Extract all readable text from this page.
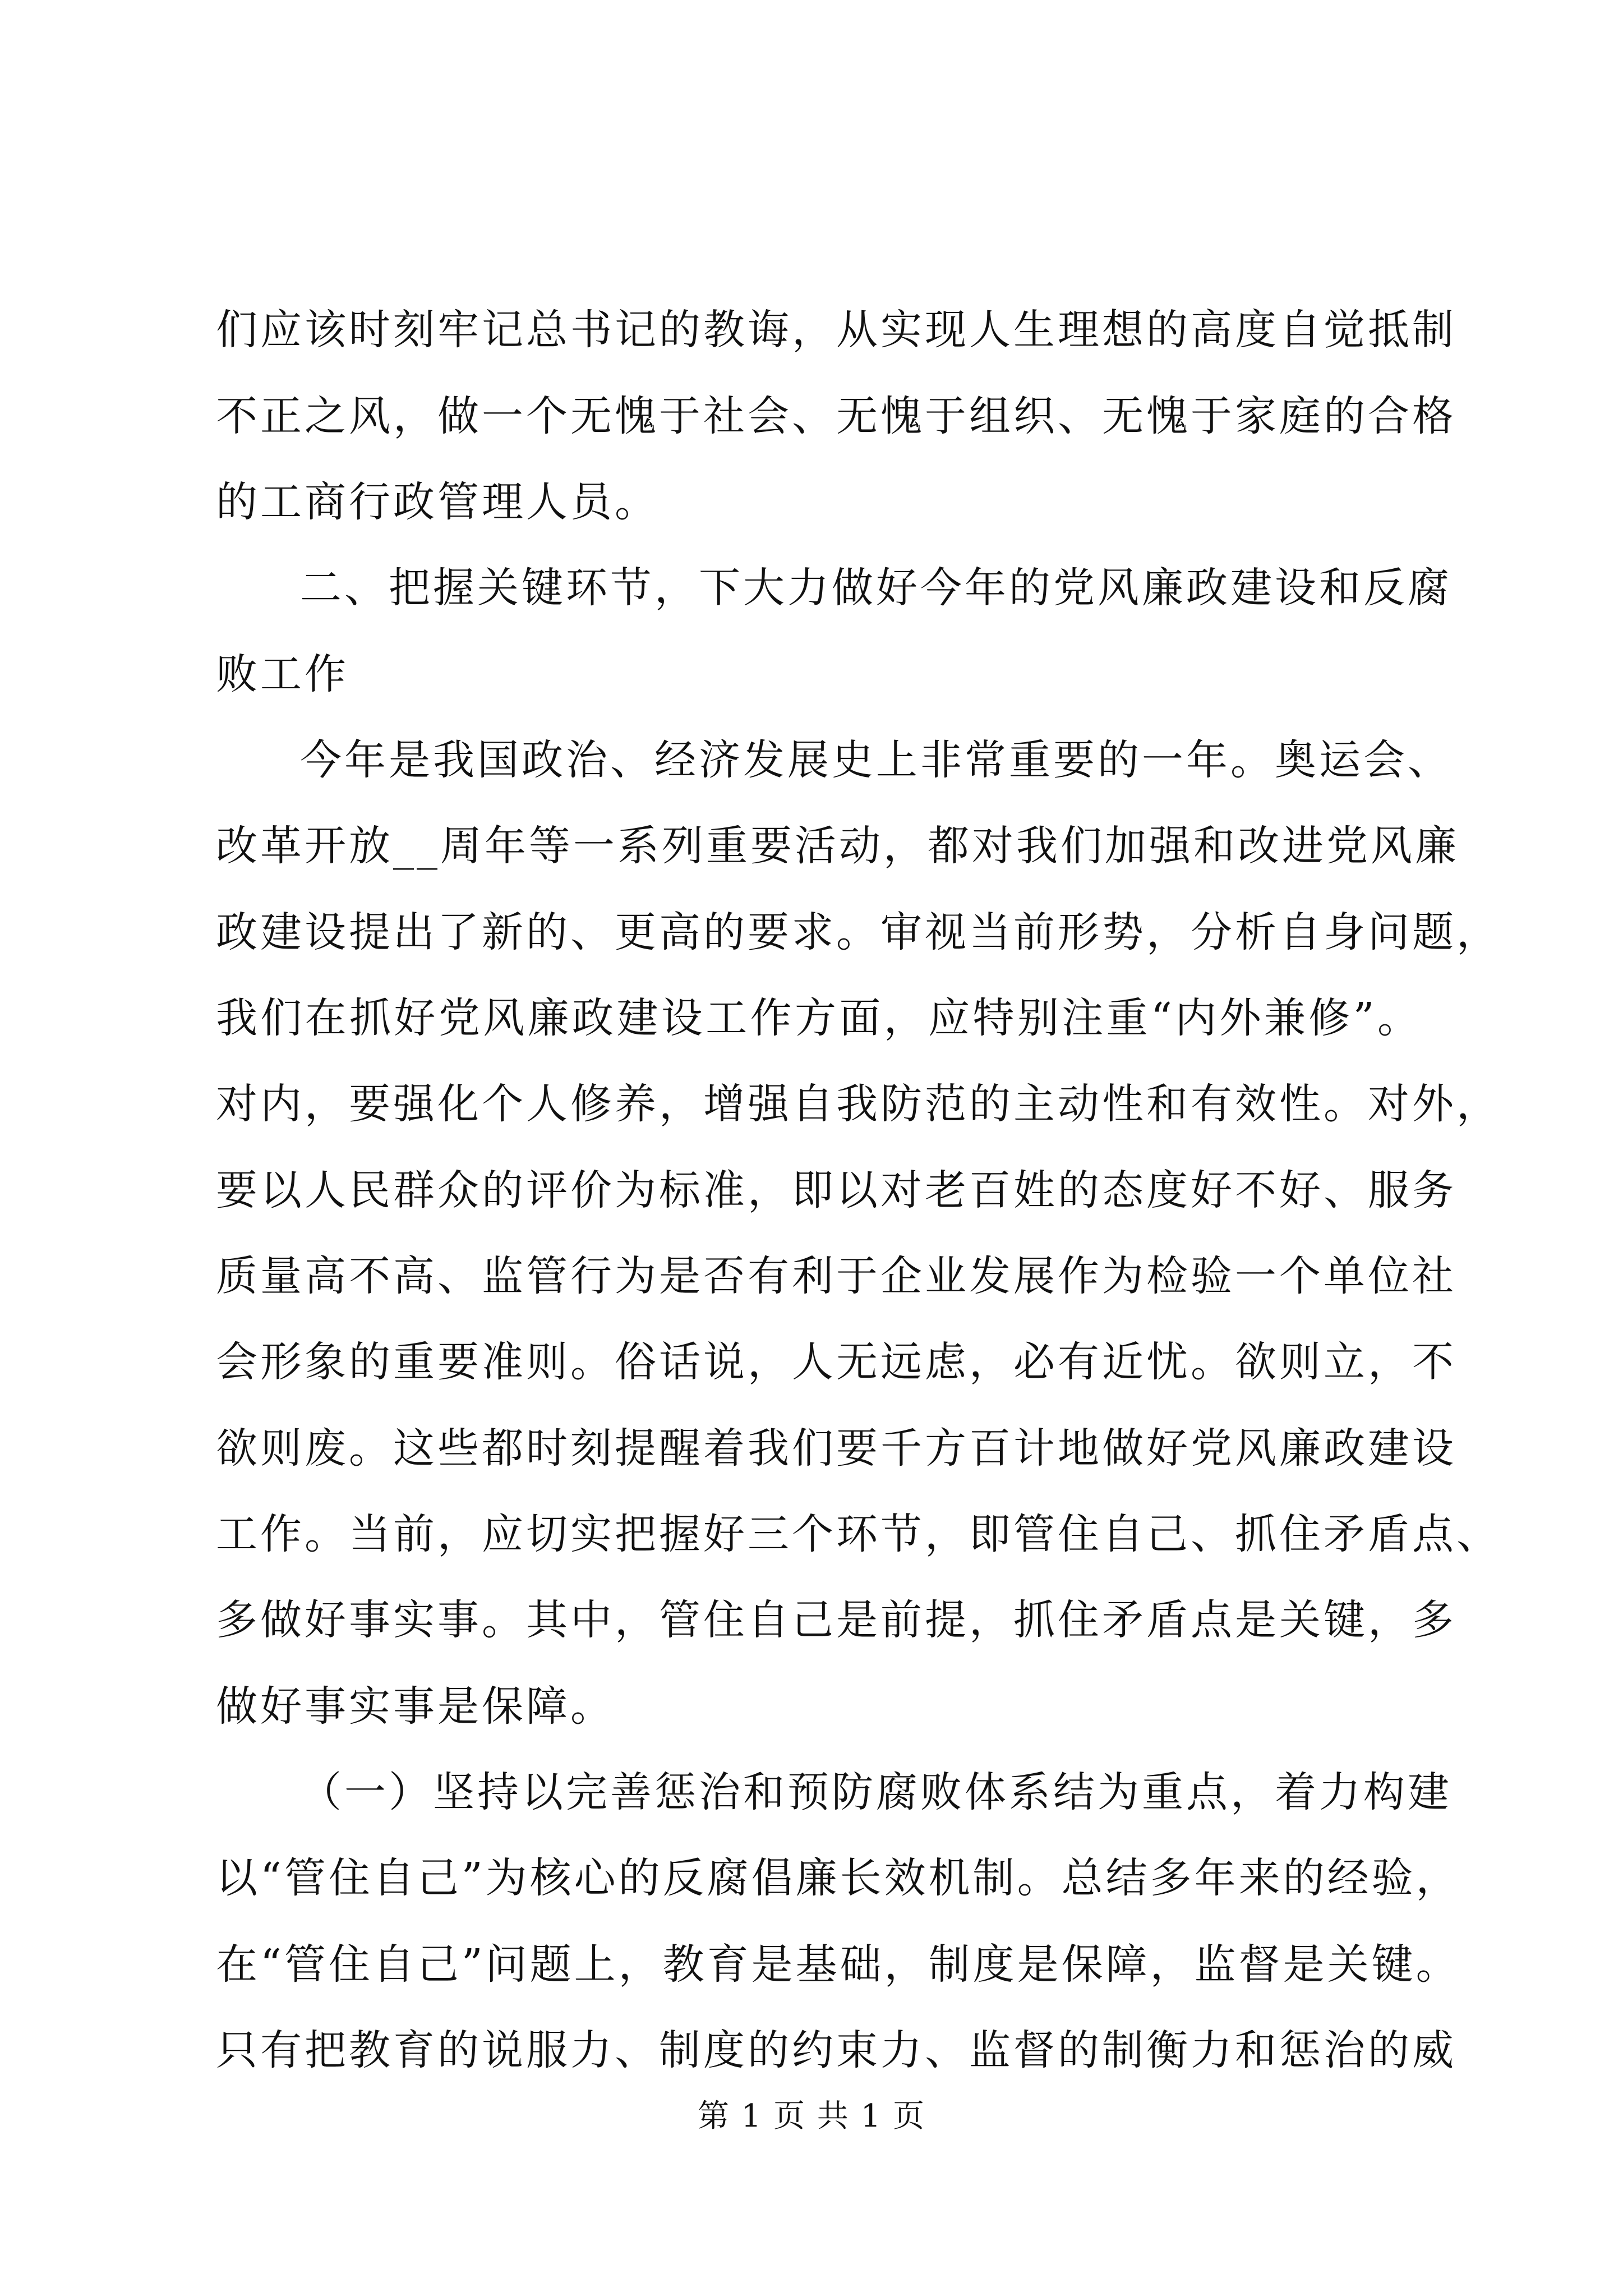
们应该时刻牢记总书记的教诲，从实现人生理想的高度自觉抵制
不正之风，做一个无愧于社会、无愧于组织、无愧于家庭的合格
的工商行政管理人员。
二、把握关键环节，下大力做好今年的党风廉政建设和反腐
败工作
今年是我国政治、经济发展史上非常重要的一年。奥运会、
改革开放__周年等一系列重要活动，都对我们加强和改进党风廉
政建设提出了新的、更高的要求。审视当前形势，分析自身问题，
我们在抓好党风廉政建设工作方面，应特别注重“内外兼修”。
对内，要强化个人修养，增强自我防范的主动性和有效性。对外，
要以人民群众的评价为标准，即以对老百姓的态度好不好、服务
质量高不高、监管行为是否有利于企业发展作为检验一个单位社
会形象的重要准则。俗话说，人无远虑，必有近忧。欲则立，不
欲则废。这些都时刻提醒着我们要千方百计地做好党风廉政建设
工作。当前，应切实把握好三个环节，即管住自己、抓住矛盾点、
多做好事实事。其中，管住自己是前提，抓住矛盾点是关键，多
做好事实事是保障。
（一）坚持以完善惩治和预防腐败体系结为重点，着力构建
以“管住自己”为核心的反腐倡廉长效机制。总结多年来的经验，
在“管住自己”问题上，教育是基础，制度是保障，监督是关键。
只有把教育的说服力、制度的约束力、监督的制衡力和惩治的威
第 1 页 共 1 页
